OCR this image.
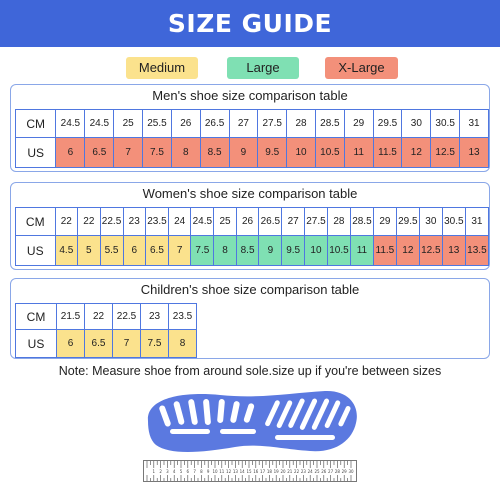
SIZE GUIDE
Medium	Large	X-Large
Men's shoe size comparison table
CM	24.5	24.5	25	25.5	26	26.5	27	27.5	28	28.5	29	29.5	30	30.5	31
US	6	6.5	7	7.5	8	8.5	9	9.5	10	10.5	11	11.5	12	12.5	13
Women's shoe size comparison table
CM	22	22	22.5	23	23.5	24	24.5	25	26	26.5	27	27.5	28	28.5	29	29.5	30	30.5	31
US	4.5	5	5.5	6	6.5	7	7.5	8	8.5	9	9.5	10	10.5	11	11.5	12	12.5	13	13.5
Children's shoe size comparison table
CM	21.5	22	22.5	23	23.5
US	6	6.5	7	7.5	8
Note: Measure shoe from around sole.size up if you're between sizes
1 2 3 4 5 6 7 8 9 10 11 12 13 14 15 16 17 18 19 20 21 22 23 24 25 26 27 28 29 30
